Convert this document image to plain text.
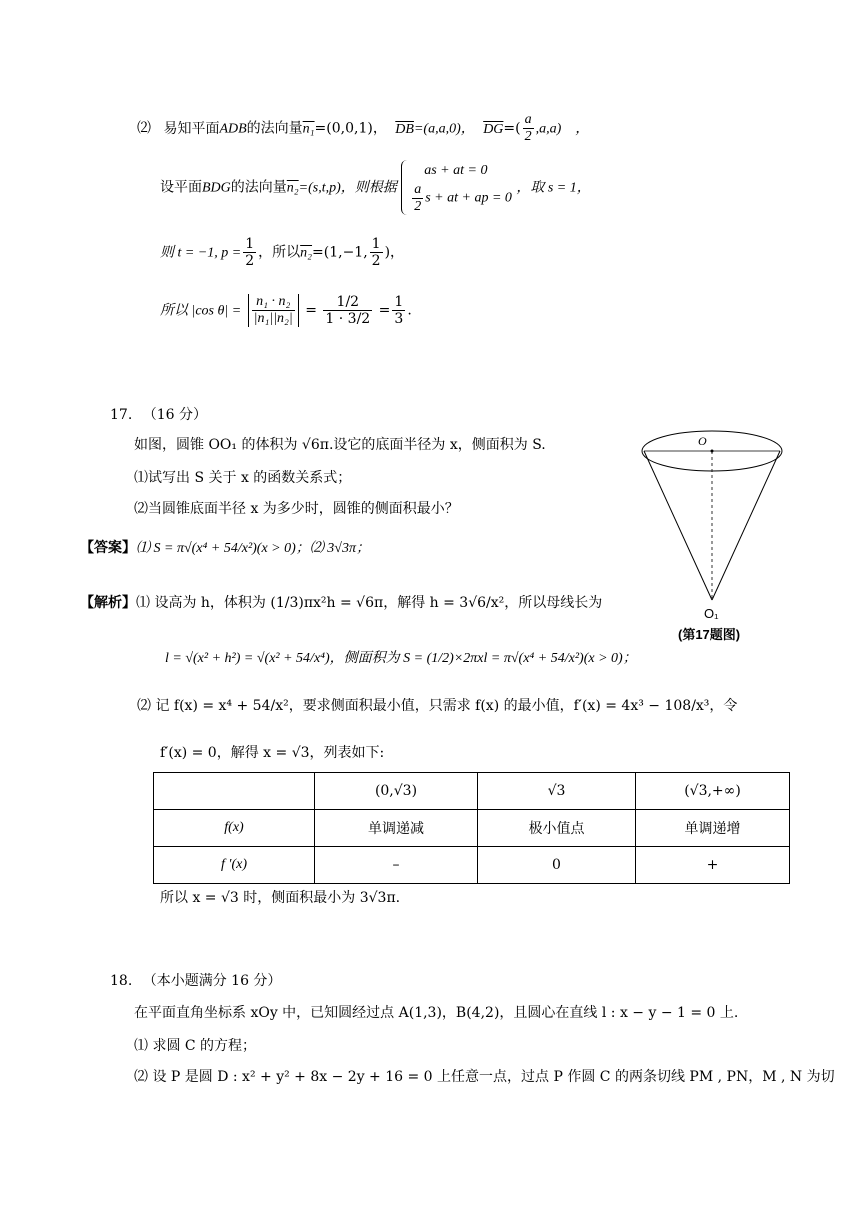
⑵ 易知平面ADB的法向量n₁=(0,0,1)， $\overline{DB}=(a,a,0)$， $\overline{DG}=( \frac{a}{2} ,a,a)$　，
设平面BDG的法向量n₂=(s,t,p)，则根据
as + at = 0
$\frac{a}{2}$ s + at + ap = 0
，取 s = 1，
则 t = −1, $p = \frac{1}{2}$ ，所以n₂=(1,−1, $\frac{1}{2}$ )，
所以 |cos $\theta| = \frac{\text{n₁ · n₂}}{\text{|n₁||n₂|}} = \frac{1/2}{1 \cdot 3/2} = \frac{1}{3}$ .
17. （16 分）
如图，圆锥 OO₁ 的体积为 √6π.设它的底面半径为 x，侧面积为 S.
⑴试写出 S 关于 x 的函数关系式；
⑵当圆锥底面半径 x 为多少时，圆锥的侧面积最小？
【答案】⑴ S = π√(x⁴ + 54/x²)(x > 0)；⑵ 3√3π；
【解析】⑴ 设高为 h，体积为 (1/3)πx²h = √6π，解得 h = 3√6/x²，所以母线长为
l = √(x² + h²) = √(x² + 54/x⁴)，侧面积为 S = (1/2)×2πxl = π√(x⁴ + 54/x²)(x > 0)；
⑵ 记 f(x) = x⁴ + 54/x²，要求侧面积最小值，只需求 f(x) 的最小值，f′(x) = 4x³ − 108/x³，令
f′(x) = 0，解得 x = √3，列表如下:
	(0,√3)	√3	(√3,+∞)
f(x)	单调递减	极小值点	单调递增
f ′(x)	–	0	+
所以 x = √3 时，侧面积最小为 3√3π.
O
O₁
(第17题图)
18. （本小题满分 16 分）
在平面直角坐标系 xOy 中，已知圆经过点 A(1,3)，B(4,2)，且圆心在直线 l : x − y − 1 = 0 上.
⑴ 求圆 C 的方程；
⑵ 设 P 是圆 D : x² + y² + 8x − 2y + 16 = 0 上任意一点，过点 P 作圆 C 的两条切线 PM , PN，M , N 为切
